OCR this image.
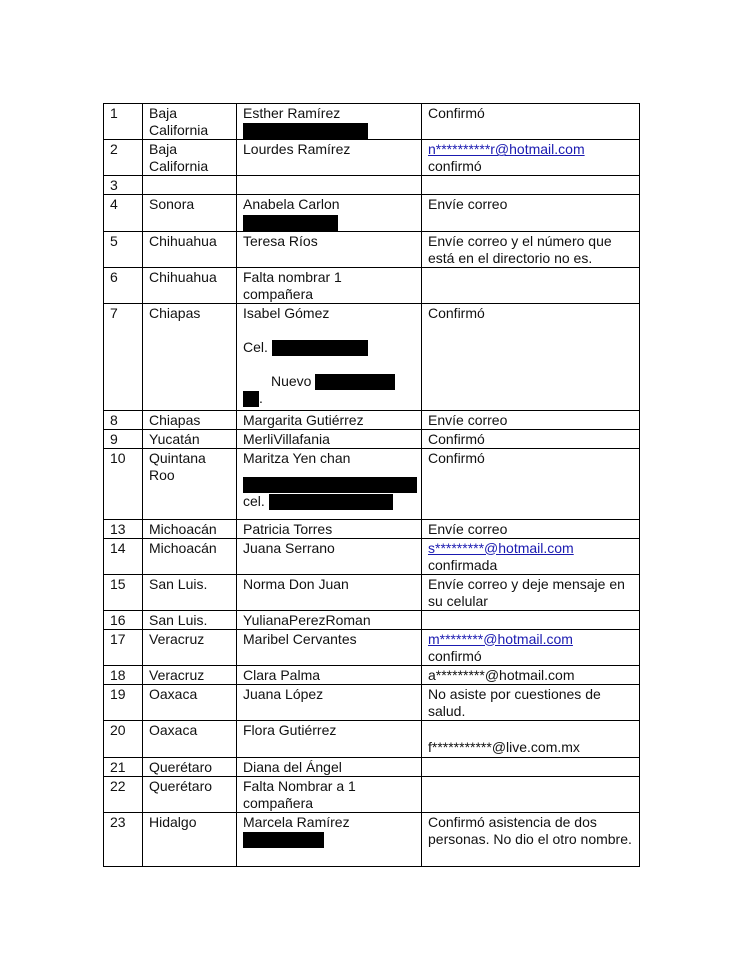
1	Baja California	Esther Ramírez	Confirmó
2	Baja California	Lourdes Ramírez	n**********r@hotmail.com
confirmó

3			
4	Sonora	Anabela Carlon	Envíe correo
5	Chihuahua	Teresa Ríos	Envíe correo y el número que está en el directorio no es.
6	Chihuahua	Falta nombrar 1 compañera	
7	Chiapas	Isabel Gómez
Cel.
Nuevo
.	Confirmó
8	Chiapas	Margarita Gutiérrez	Envíe correo
9	Yucatán	MerliVillafania	Confirmó
10	Quintana Roo	Maritza Yen chan
cel.	Confirmó
13	Michoacán	Patricia Torres	Envíe correo
14	Michoacán	Juana Serrano	s*********@hotmail.com
confirmada

15	San Luis.	Norma Don Juan	Envíe correo y deje mensaje en su celular
16	San Luis.	YulianaPerezRoman	
17	Veracruz	Maribel Cervantes	m********@hotmail.com
confirmó

18	Veracruz	Clara Palma	a*********@hotmail.com
19	Oaxaca	Juana López	No asiste por cuestiones de salud.
20	Oaxaca	Flora Gutiérrez	f***********@live.com.mx

21	Querétaro	Diana del Ángel	
22	Querétaro	Falta Nombrar a 1 compañera	
23	Hidalgo	Marcela Ramírez	Confirmó asistencia de dos personas. No dio el otro nombre.
